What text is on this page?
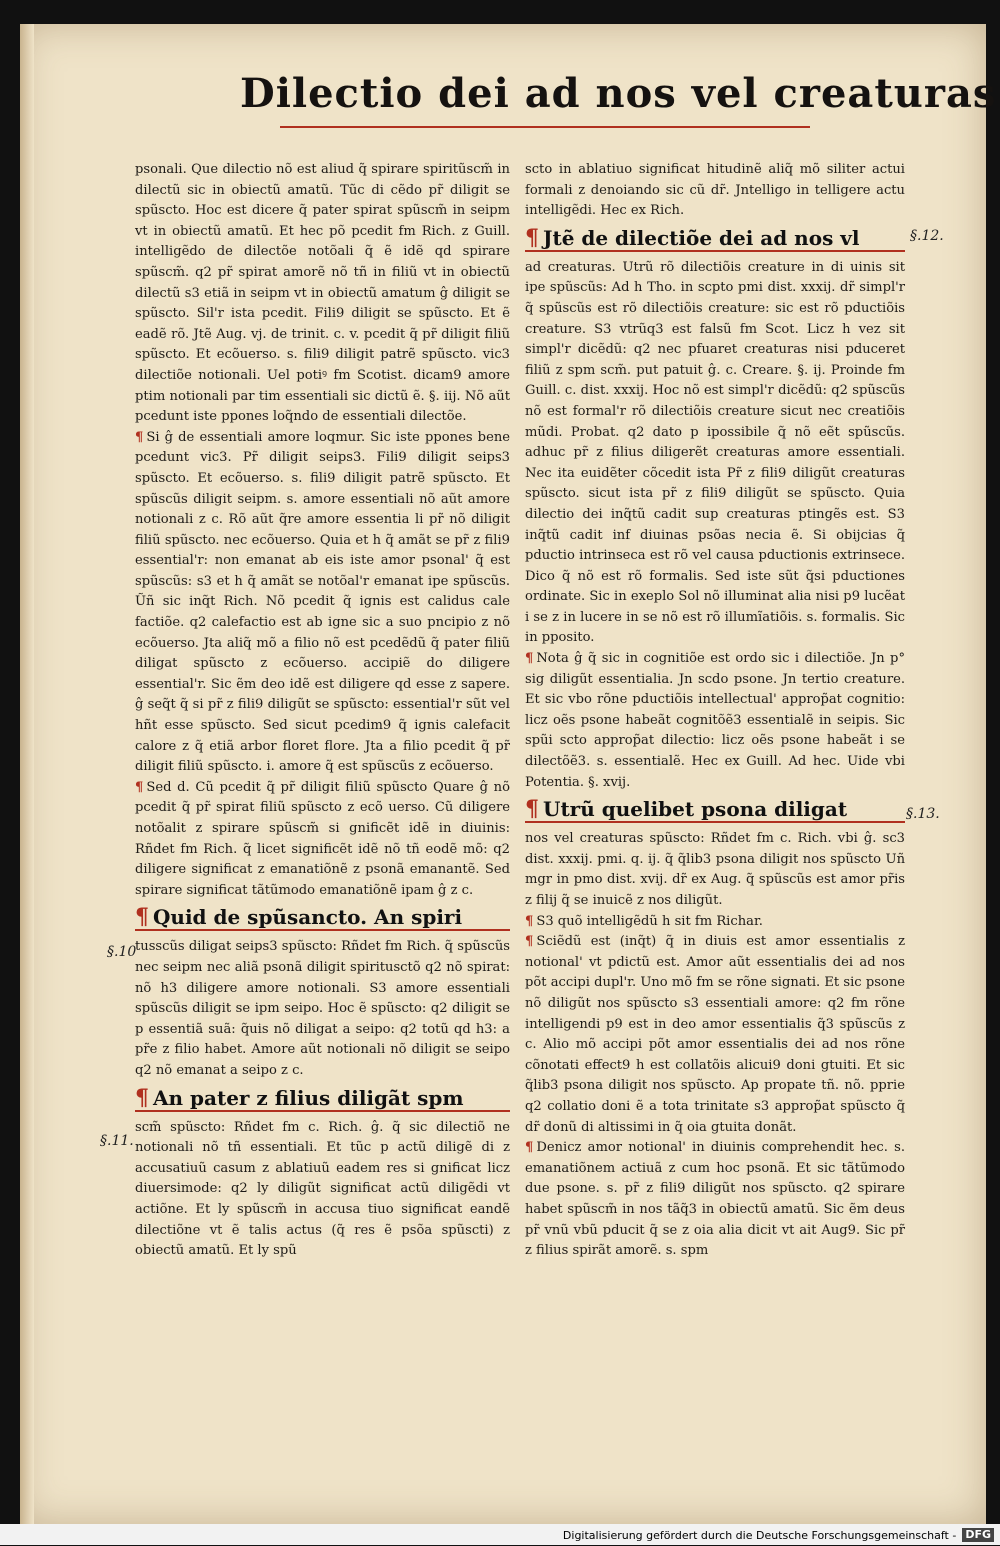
Dilectio dei ad nos vel creaturas

psonali. Que dilectio nõ est aliud q̃ spirare spiritũscm̃ in dilectũ sic in obiectũ amatũ. Tũc di cẽdo pr̃ diligit se spũscto. Hoc est dicere q̃ pater spirat spũscm̃ in seipm vt in obiectũ amatũ. Et hec põ pcedit fm Rich. z Guill. intelligẽdo de dilectõe notõali q̃ ẽ idẽ qd spirare spũscm̃. q2 pr̃ spirat amorẽ nõ tñ in filiũ vt in obiectũ dilectũ s3 etiã in seipm vt in obiectũ amatum ĝ diligit se spũscto. Sil'r ista pcedit. Fili9 diligit se spũscto. Et ẽ eadẽ rõ. Jtẽ Aug. vj. de trinit. c. v. pcedit q̃ pr̃ diligit filiũ spũscto. Et ecõuerso. s. fili9 diligit patrẽ spũscto. vic3 dilectiõe notionali. Uel potiꝰ fm Scotist. dicam9 amore ptim notionali par tim essentiali sic dictũ ẽ. §. iij. Nõ aũt pcedunt iste ppones loq̃ndo de essentiali dilectõe.

¶ Si ĝ de essentiali amore loqmur. Sic iste ppones bene pcedunt vic3. Pr̃ diligit seips3. Fili9 diligit seips3 spũscto. Et ecõuerso. s. fili9 diligit patrẽ spũscto. Et spũscũs diligit seipm. s. amore essentiali nõ aũt amore notionali z c. Rõ aũt q̃re amore essentia li pr̃ nõ diligit filiũ spũscto. nec ecõuerso. Quia et h q̃ amãt se pr̃ z fili9 essential'r: non emanat ab eis iste amor psonal' q̃ est spũscũs: s3 et h q̃ amãt se notõal'r emanat ipe spũscũs. Ũñ sic inq̃t Rich. Nõ pcedit q̃ ignis est calidus cale factiõe. q2 calefactio est ab igne sic a suo pncipio z nõ ecõuerso. Jta aliq̃ mõ a filio nõ est pcedẽdũ q̃ pater filiũ diligat spũscto z ecõuerso. accipiẽ do diligere essential'r. Sic ẽm deo idẽ est diligere qd esse z sapere. ĝ seq̃t q̃ si pr̃ z fili9 diligũt se spũscto: essential'r sũt vel hñt esse spũscto. Sed sicut pcedim9 q̃ ignis calefacit calore z q̃ etiã arbor floret flore. Jta a filio pcedit q̃ pr̃ diligit filiũ spũscto. i. amore q̃ est spũscũs z ecõuerso.

¶ Sed d. Cũ pcedit q̃ pr̃ diligit filiũ spũscto Quare ĝ nõ pcedit q̃ pr̃ spirat filiũ spũscto z ecõ uerso. Cũ diligere notõalit z spirare spũscm̃ si gnificẽt idẽ in diuinis: Rñdet fm Rich. q̃ licet significẽt idẽ nõ tñ eodẽ mõ: q2 diligere significat z emanatiõnẽ z psonã emanantẽ. Sed spirare significat tãtũmodo emanatiõnẽ ipam ĝ z c.

¶ Quid de spũsancto. An spiri

tusscũs diligat seips3 spũscto: Rñdet fm Rich. q̃ spũscũs nec seipm nec aliã psonã diligit spiritusctõ q2 nõ spirat: nõ h3 diligere amore notionali. S3 amore essentiali spũscũs diligit se ipm seipo. Hoc ẽ spũscto: q2 diligit se p essentiã suã: q̃uis nõ diligat a seipo: q2 totũ qd h3: a pr̃e z filio habet. Amore aũt notionali nõ diligit se seipo q2 nõ emanat a seipo z c.

¶ An pater z filius diligãt spm

scm̃ spũscto: Rñdet fm c. Rich. ĝ. q̃ sic dilectiõ ne notionali nõ tñ essentiali. Et tũc p actũ diligẽ di z accusatiuũ casum z ablatiuũ eadem res si gnificat licz diuersimode: q2 ly diligũt significat actũ diligẽdi vt actiõne. Et ly spũscm̃ in accusa tiuo significat eandẽ dilectiõne vt ẽ talis actus (q̃ res ẽ psõa spũscti) z obiectũ amatũ. Et ly spũ

scto in ablatiuo significat hitudinẽ aliq̃ mõ siliter actui formali z denoiando sic cũ dr̃. Jntelligo in telligere actu intelligẽdi. Hec ex Rich.

¶ Jtẽ de dilectiõe dei ad nos vl

ad creaturas. Utrũ rõ dilectiõis creature in di uinis sit ipe spũscũs: Ad h Tho. in scpto pmi dist. xxxij. dr̃ simpl'r q̃ spũscũs est rõ dilectiõis creature: sic est rõ pductiõis creature. S3 vtrũq3 est falsũ fm Scot. Licz h vez sit simpl'r dicẽdũ: q2 nec pfuaret creaturas nisi pduceret filiũ z spm scm̃. put patuit ĝ. c. Creare. §. ij. Proinde fm Guill. c. dist. xxxij. Hoc nõ est simpl'r dicẽdũ: q2 spũscũs nõ est formal'r rõ dilectiõis creature sicut nec creatiõis mũdi. Probat. q2 dato p ipossibile q̃ nõ eẽt spũscũs. adhuc pr̃ z filius diligerẽt creaturas amore essentiali. Nec ita euidẽter cõcedit ista Pr̃ z fili9 diligũt creaturas spũscto. sicut ista pr̃ z fili9 diligũt se spũscto. Quia dilectio dei inq̃tũ cadit sup creaturas ptingẽs est. S3 inq̃tũ cadit inf diuinas psõas necia ẽ. Si obijcias q̃ pductio intrinseca est rõ vel causa pductionis extrinsece. Dico q̃ nõ est rõ formalis. Sed iste sũt q̃si pductiones ordinate. Sic in exeplo Sol nõ illuminat alia nisi p9 lucẽat i se z in lucere in se nõ est rõ illumĩatiõis. s. formalis. Sic in pposito.

¶ Nota ĝ q̃ sic in cognitiõe est ordo sic i dilectiõe. Jn p° sig diligũt essentialia. Jn scdo psone. Jn tertio creature. Et sic vbo rõne pductiõis intellectual' approp̃at cognitio: licz oẽs psone habeãt cognitõẽ3 essentialẽ in seipis. Sic spũi scto approp̃at dilectio: licz oẽs psone habeãt i se dilectõẽ3. s. essentialẽ. Hec ex Guill. Ad hec. Uide vbi Potentia. §. xvij.

¶ Utrũ quelibet psona diligat

nos vel creaturas spũscto: Rñdet fm c. Rich. vbi ĝ. sc3 dist. xxxij. pmi. q. ij. q̃ q̃lib3 psona diligit nos spũscto Uñ mgr in pmo dist. xvij. dr̃ ex Aug. q̃ spũscũs est amor pr̃is z filij q̃ se inuicẽ z nos diligũt.

¶ S3 quõ intelligẽdũ h sit fm Richar.

¶ Sciẽdũ est (inq̃t) q̃ in diuis est amor essentialis z notional' vt pdictũ est. Amor aũt essentialis dei ad nos põt accipi dupl'r. Uno mõ fm se rõne signati. Et sic psone nõ diligũt nos spũscto s3 essentiali amore: q2 fm rõne intelligendi p9 est in deo amor essentialis q̃3 spũscũs z c. Alio mõ accipi põt amor essentialis dei ad nos rõne cõnotati effect9 h est collatõis alicui9 doni gtuiti. Et sic q̃lib3 psona diligit nos spũscto. Ap propate tñ. nõ. pprie q2 collatio doni ẽ a tota trinitate s3 approp̃at spũscto q̃ dr̃ donũ di altissimi in q̃ oia gtuita donãt.

¶ Denicz amor notional' in diuinis comprehendit hec. s. emanatiõnem actiuã z cum hoc psonã. Et sic tãtũmodo due psone. s. pr̃ z fili9 diligũt nos spũscto. q2 spirare habet spũscm̃ in nos tãq̃3 in obiectũ amatũ. Sic ẽm deus pr̃ vnũ vbũ pducit q̃ se z oia alia dicit vt ait Aug9. Sic pr̃ z filius spirãt amorẽ. s. spm

§.10
§.11.
§.12.
§.13.
Digitalisierung gefördert durch die Deutsche Forschungsgemeinschaft - DFG
